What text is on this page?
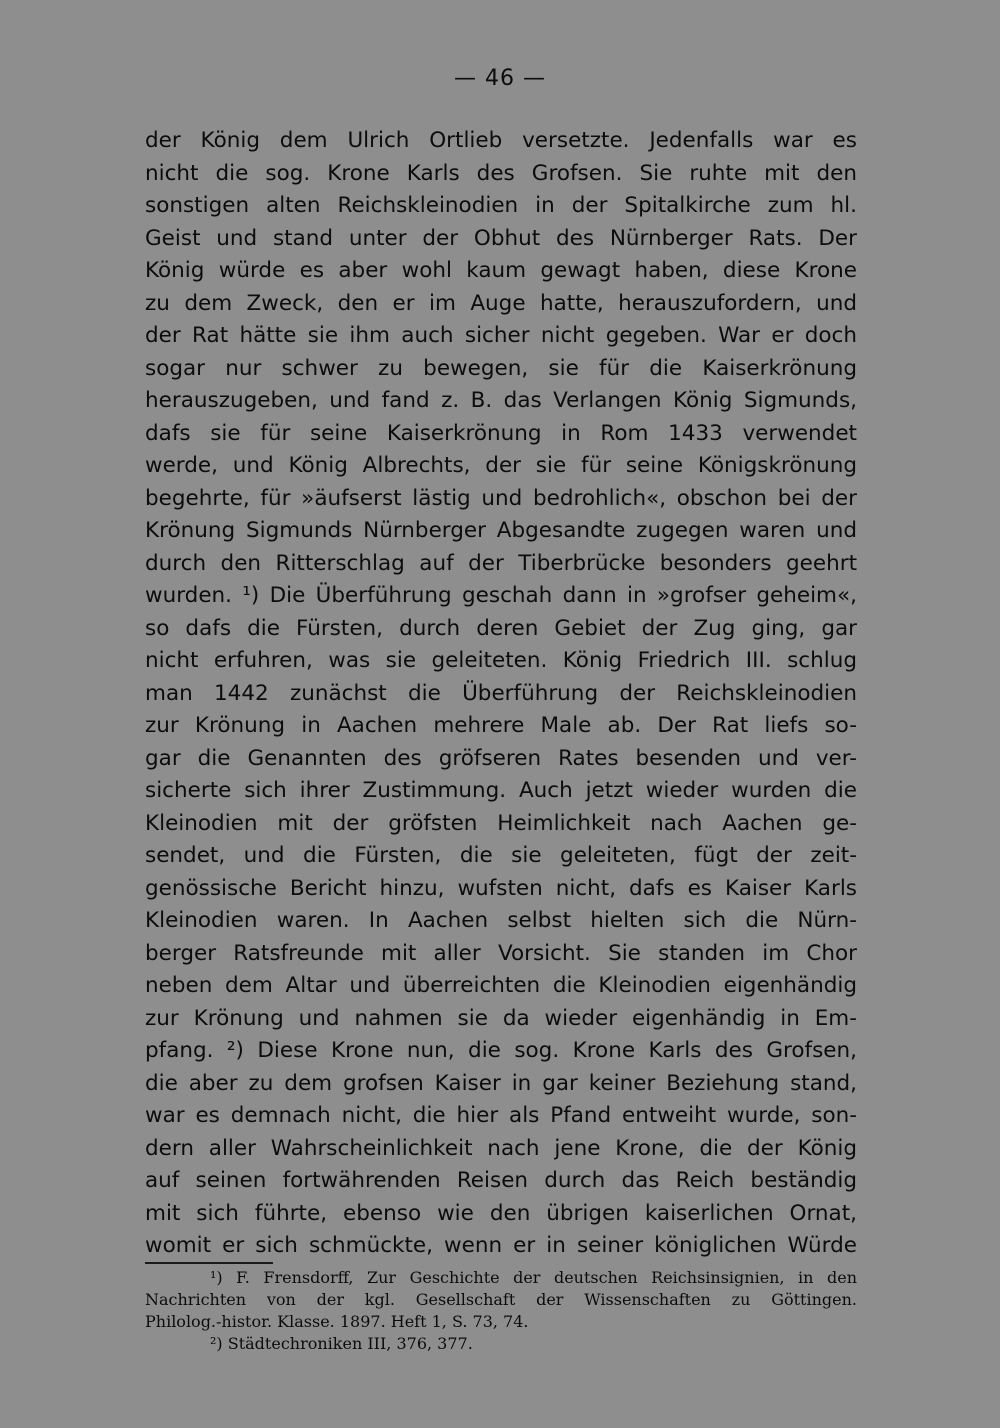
— 46 —
der König dem Ulrich Ortlieb versetzte. Jedenfalls war es
nicht die sog. Krone Karls des Grofsen. Sie ruhte mit den
sonstigen alten Reichskleinodien in der Spitalkirche zum hl.
Geist und stand unter der Obhut des Nürnberger Rats. Der
König würde es aber wohl kaum gewagt haben, diese Krone
zu dem Zweck, den er im Auge hatte, herauszufordern, und
der Rat hätte sie ihm auch sicher nicht gegeben. War er doch
sogar nur schwer zu bewegen, sie für die Kaiserkrönung
herauszugeben, und fand z. B. das Verlangen König Sigmunds,
dafs sie für seine Kaiserkrönung in Rom 1433 verwendet
werde, und König Albrechts, der sie für seine Königskrönung
begehrte, für »äufserst lästig und bedrohlich«, obschon bei der
Krönung Sigmunds Nürnberger Abgesandte zugegen waren und
durch den Ritterschlag auf der Tiberbrücke besonders geehrt
wurden. ¹) Die Überführung geschah dann in »grofser geheim«,
so dafs die Fürsten, durch deren Gebiet der Zug ging, gar
nicht erfuhren, was sie geleiteten. König Friedrich III. schlug
man 1442 zunächst die Überführung der Reichskleinodien
zur Krönung in Aachen mehrere Male ab. Der Rat liefs so-
gar die Genannten des gröfseren Rates besenden und ver-
sicherte sich ihrer Zustimmung. Auch jetzt wieder wurden die
Kleinodien mit der gröfsten Heimlichkeit nach Aachen ge-
sendet, und die Fürsten, die sie geleiteten, fügt der zeit-
genössische Bericht hinzu, wufsten nicht, dafs es Kaiser Karls
Kleinodien waren. In Aachen selbst hielten sich die Nürn-
berger Ratsfreunde mit aller Vorsicht. Sie standen im Chor
neben dem Altar und überreichten die Kleinodien eigenhändig
zur Krönung und nahmen sie da wieder eigenhändig in Em-
pfang. ²) Diese Krone nun, die sog. Krone Karls des Grofsen,
die aber zu dem grofsen Kaiser in gar keiner Beziehung stand,
war es demnach nicht, die hier als Pfand entweiht wurde, son-
dern aller Wahrscheinlichkeit nach jene Krone, die der König
auf seinen fortwährenden Reisen durch das Reich beständig
mit sich führte, ebenso wie den übrigen kaiserlichen Ornat,
womit er sich schmückte, wenn er in seiner königlichen Würde
¹) F. Frensdorff, Zur Geschichte der deutschen Reichsinsignien, in den
Nachrichten von der kgl. Gesellschaft der Wissenschaften zu Göttingen.
Philolog.-histor. Klasse. 1897. Heft 1, S. 73, 74.
²) Städtechroniken III, 376, 377.
